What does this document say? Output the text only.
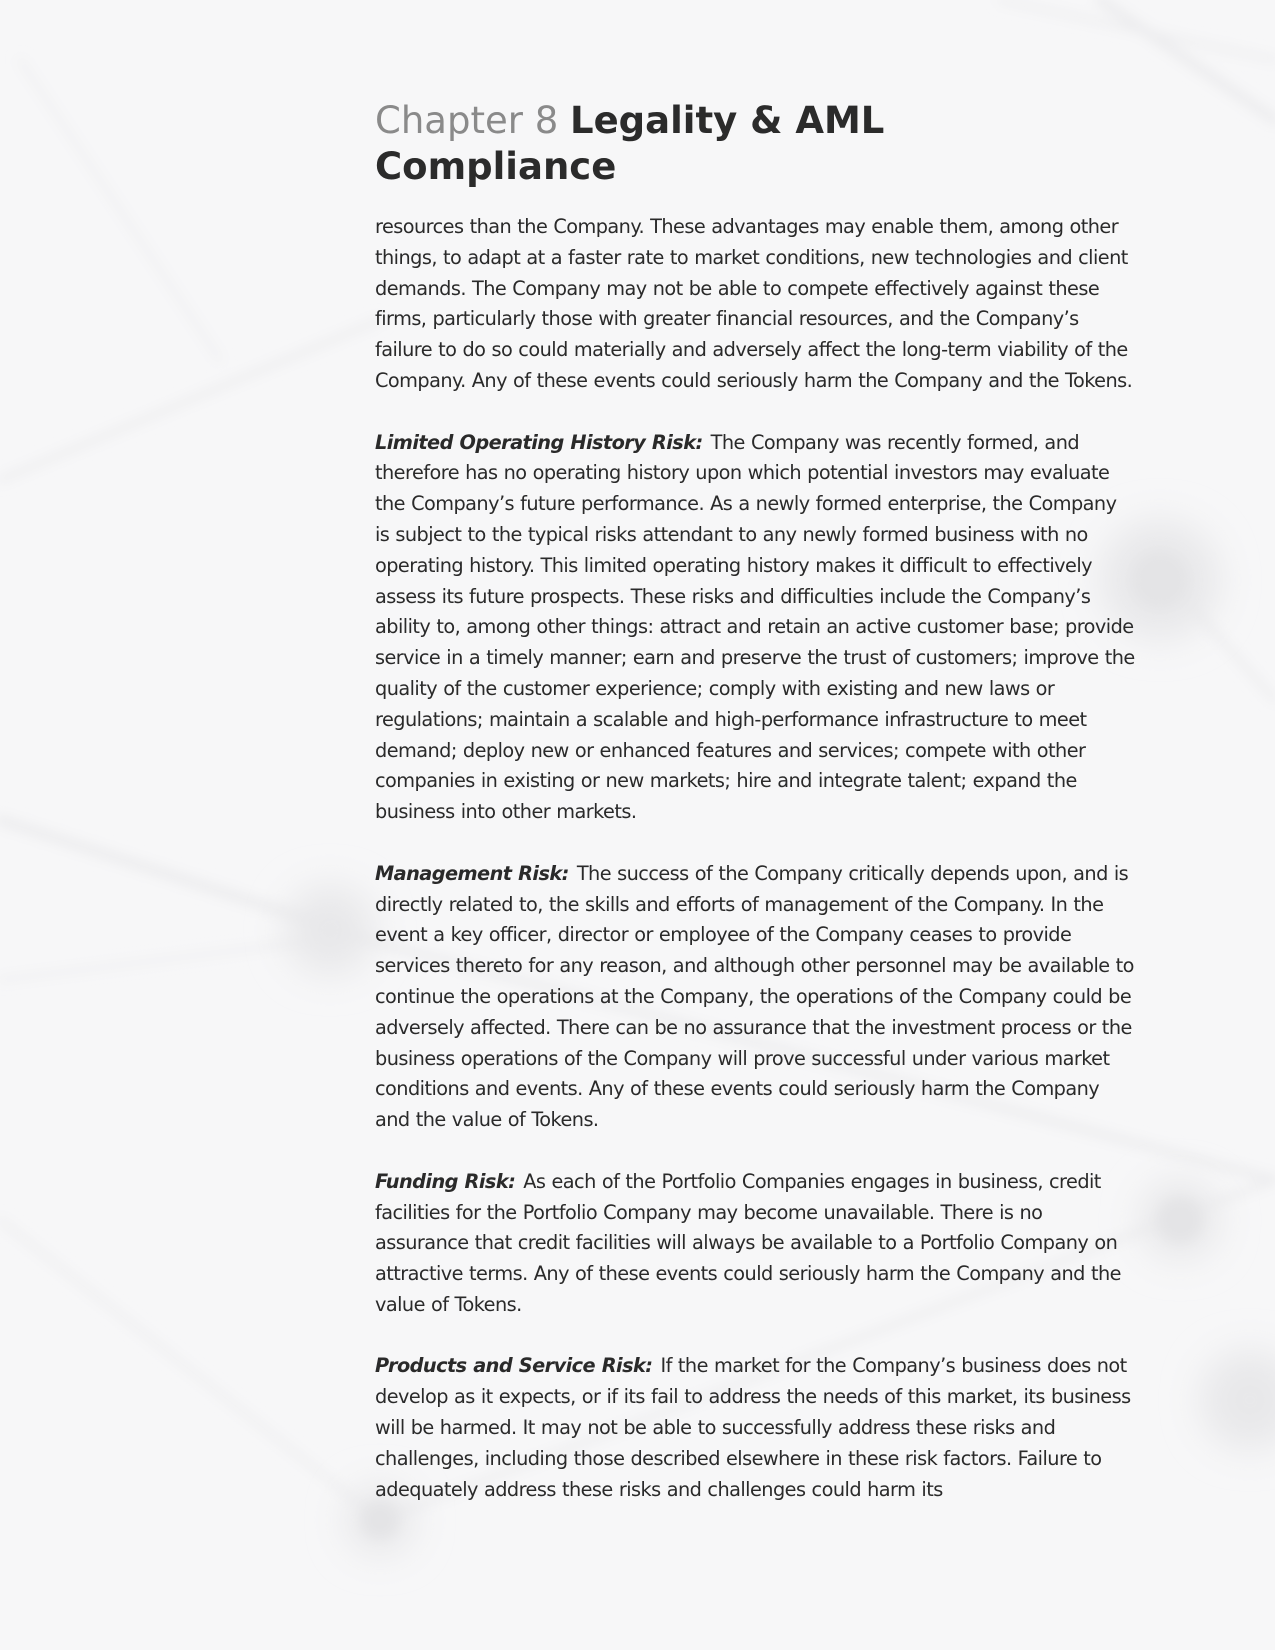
Chapter 8 Legality & AML Compliance

resources than the Company. These advantages may enable them, among other things, to adapt at a faster rate to market conditions, new technologies and client demands. The Company may not be able to compete effectively against these firms, particularly those with greater financial resources, and the Company’s failure to do so could materially and adversely affect the long-term viability of the Company. Any of these events could seriously harm the Company and the Tokens.

Limited Operating History Risk: The Company was recently formed, and therefore has no operating history upon which potential investors may evaluate the Company’s future performance. As a newly formed enterprise, the Company is subject to the typical risks attendant to any newly formed business with no operating history. This limited operating history makes it difficult to effectively assess its future prospects. These risks and difficulties include the Company’s ability to, among other things: attract and retain an active customer base; provide service in a timely manner; earn and preserve the trust of customers; improve the quality of the customer experience; comply with existing and new laws or regulations; maintain a scalable and high-performance infrastructure to meet demand; deploy new or enhanced features and services; compete with other companies in existing or new markets; hire and integrate talent; expand the business into other markets.

Management Risk: The success of the Company critically depends upon, and is directly related to, the skills and efforts of management of the Company. In the event a key officer, director or employee of the Company ceases to provide services thereto for any reason, and although other personnel may be available to continue the operations at the Company, the operations of the Company could be adversely affected. There can be no assurance that the investment process or the business operations of the Company will prove successful under various market conditions and events. Any of these events could seriously harm the Company and the value of Tokens.

Funding Risk: As each of the Portfolio Companies engages in business, credit facilities for the Portfolio Company may become unavailable. There is no assurance that credit facilities will always be available to a Portfolio Company on attractive terms. Any of these events could seriously harm the Company and the value of Tokens.

Products and Service Risk: If the market for the Company’s business does not develop as it expects, or if its fail to address the needs of this market, its business will be harmed. It may not be able to successfully address these risks and challenges, including those described elsewhere in these risk factors. Failure to adequately address these risks and challenges could harm its
